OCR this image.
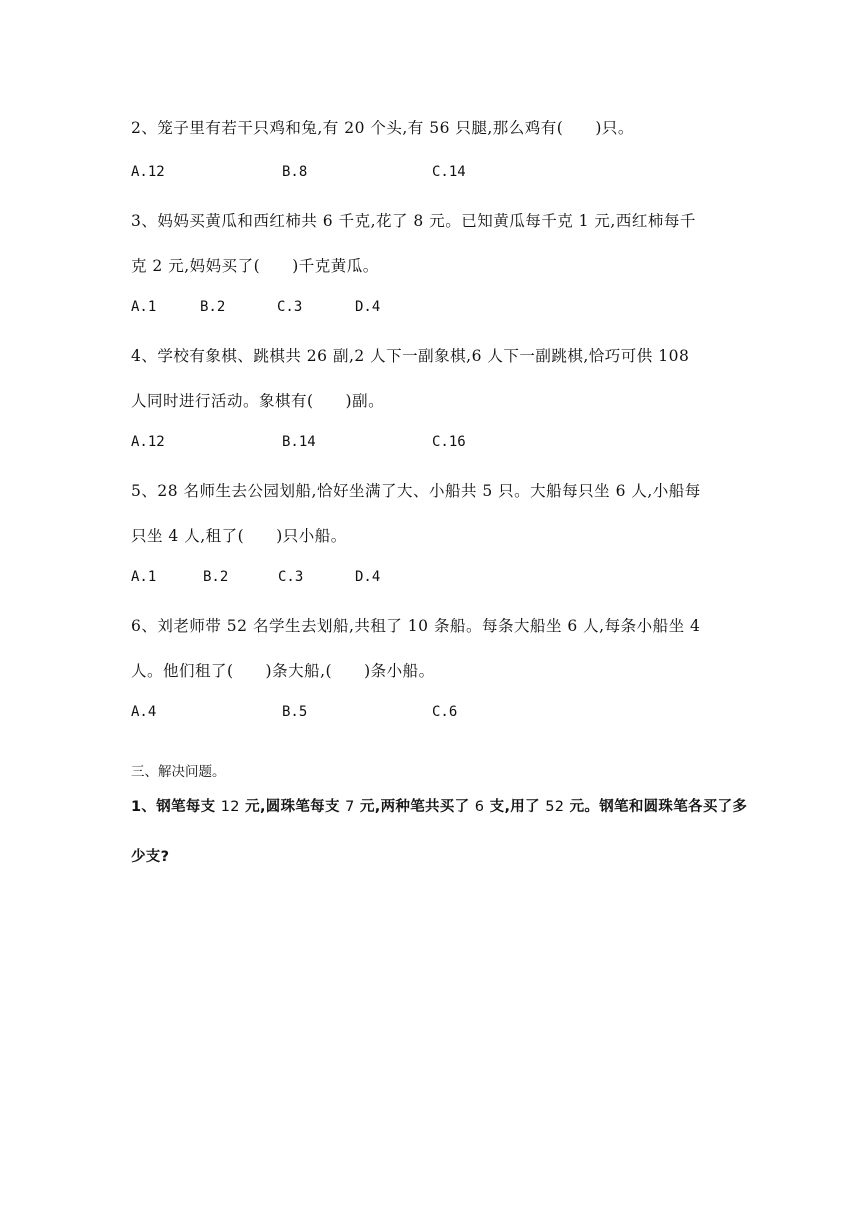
2、笼子里有若干只鸡和兔,有 20 个头,有 56 只腿,那么鸡有(　　)只。
A.12	B.8	C.14
3、妈妈买黄瓜和西红柿共 6 千克,花了 8 元。已知黄瓜每千克 1 元,西红柿每千
克 2 元,妈妈买了(　　)千克黄瓜。
A.1	B.2	C.3	D.4
4、学校有象棋、跳棋共 26 副,2 人下一副象棋,6 人下一副跳棋,恰巧可供 108
人同时进行活动。象棋有(　　)副。
A.12	B.14	C.16
5、28 名师生去公园划船,恰好坐满了大、小船共 5 只。大船每只坐 6 人,小船每
只坐 4 人,租了(　　)只小船。
A.1	B.2	C.3	D.4
6、刘老师带 52 名学生去划船,共租了 10 条船。每条大船坐 6 人,每条小船坐 4
人。他们租了(　　)条大船,(　　)条小船。
A.4	B.5	C.6
三、解决问题。
1、钢笔每支 12 元,圆珠笔每支 7 元,两种笔共买了 6 支,用了 52 元。钢笔和圆珠笔各买了多
少支?
